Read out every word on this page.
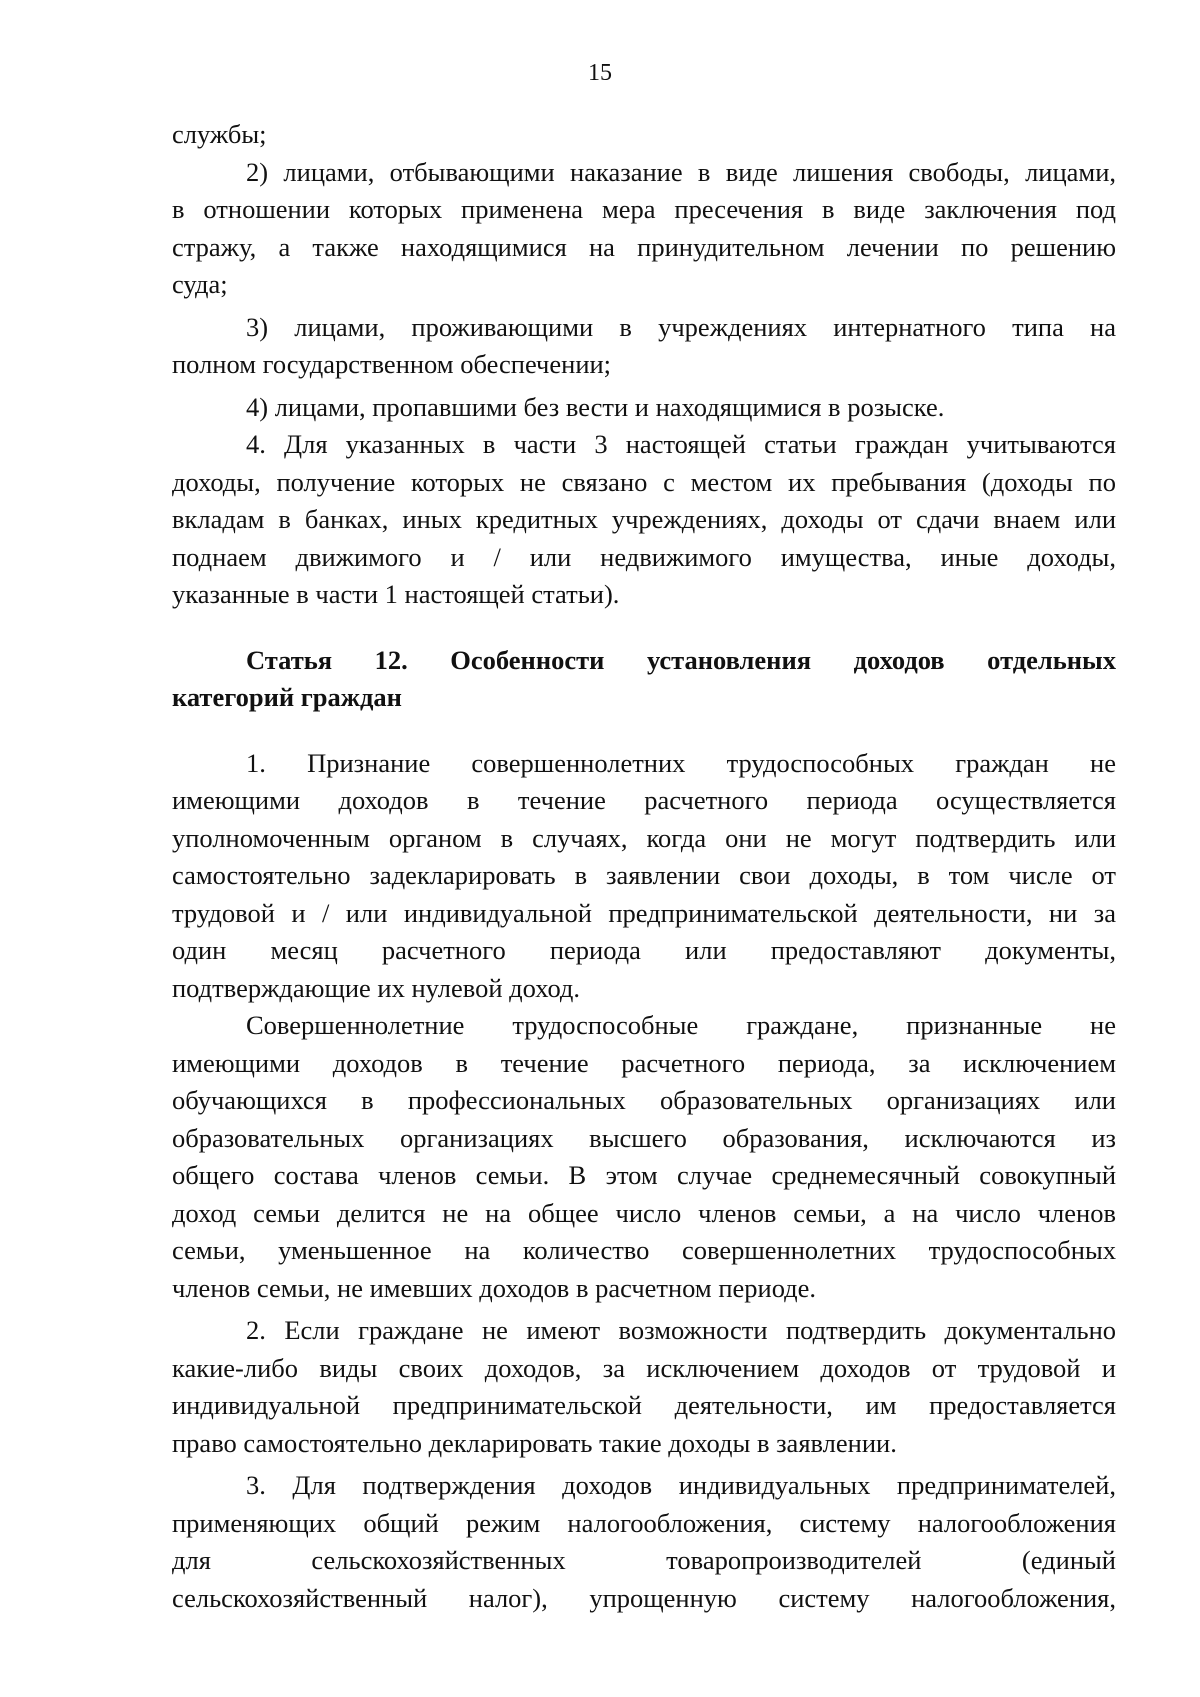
15
службы;
2) лицами, отбывающими наказание в виде лишения свободы, лицами,
в отношении которых применена мера пресечения в виде заключения под
стражу, а также находящимися на принудительном лечении по решению
суда;
3) лицами, проживающими в учреждениях интернатного типа на
полном государственном обеспечении;
4) лицами, пропавшими без вести и находящимися в розыске.
4. Для указанных в части 3 настоящей статьи граждан учитываются
доходы, получение которых не связано с местом их пребывания (доходы по
вкладам в банках, иных кредитных учреждениях, доходы от сдачи внаем или
поднаем движимого и / или недвижимого имущества, иные доходы,
указанные в части 1 настоящей статьи).
Статья 12. Особенности установления доходов отдельных
категорий граждан
1. Признание совершеннолетних трудоспособных граждан не
имеющими доходов в течение расчетного периода осуществляется
уполномоченным органом в случаях, когда они не могут подтвердить или
самостоятельно задекларировать в заявлении свои доходы, в том числе от
трудовой и / или индивидуальной предпринимательской деятельности, ни за
один месяц расчетного периода или предоставляют документы,
подтверждающие их нулевой доход.
Совершеннолетние трудоспособные граждане, признанные не
имеющими доходов в течение расчетного периода, за исключением
обучающихся в профессиональных образовательных организациях или
образовательных организациях высшего образования, исключаются из
общего состава членов семьи. В этом случае среднемесячный совокупный
доход семьи делится не на общее число членов семьи, а на число членов
семьи, уменьшенное на количество совершеннолетних трудоспособных
членов семьи, не имевших доходов в расчетном периоде.
2. Если граждане не имеют возможности подтвердить документально
какие-либо виды своих доходов, за исключением доходов от трудовой и
индивидуальной предпринимательской деятельности, им предоставляется
право самостоятельно декларировать такие доходы в заявлении.
3. Для подтверждения доходов индивидуальных предпринимателей,
применяющих общий режим налогообложения, систему налогообложения
для сельскохозяйственных товаропроизводителей (единый
сельскохозяйственный налог), упрощенную систему налогообложения,
